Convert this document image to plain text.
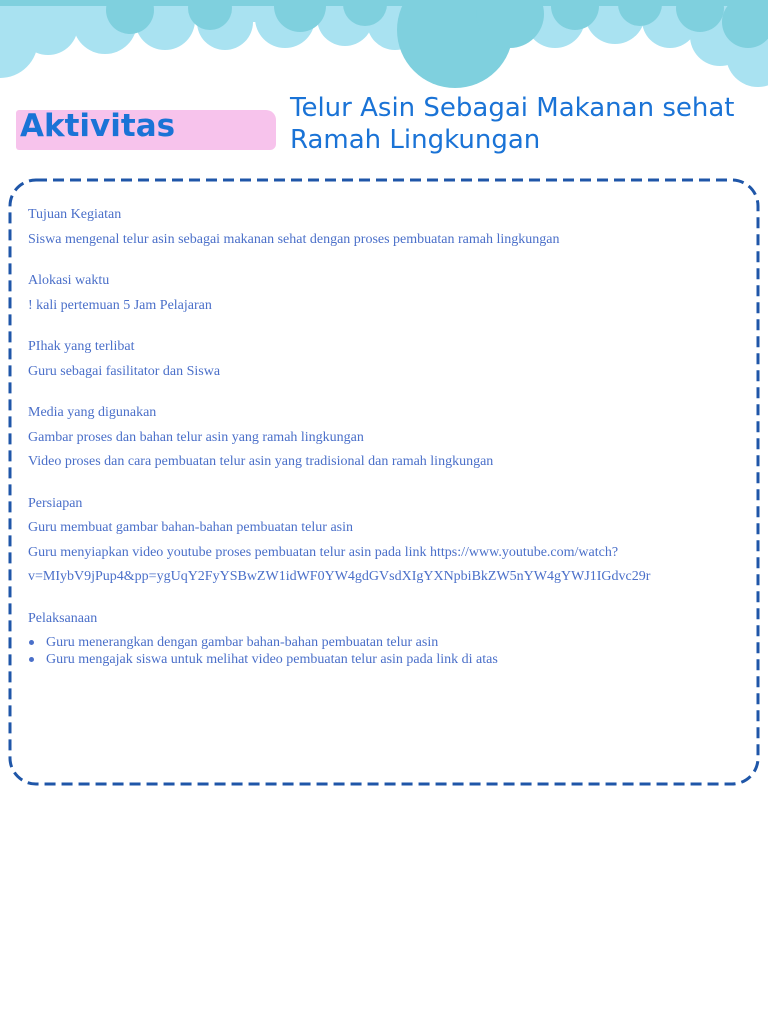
Aktivitas	Telur Asin Sebagai Makanan sehat Ramah Lingkungan

Tujuan Kegiatan

Siswa mengenal telur asin sebagai makanan sehat dengan proses pembuatan ramah lingkungan

Alokasi waktu

! kali pertemuan 5 Jam Pelajaran

PIhak yang terlibat

Guru sebagai fasilitator dan Siswa

Media yang digunakan

Gambar proses dan bahan telur asin yang ramah lingkungan

Video proses dan cara pembuatan telur asin yang tradisional dan ramah lingkungan

Persiapan

Guru membuat gambar bahan-bahan pembuatan telur asin

Guru menyiapkan video youtube proses pembuatan telur asin pada link https://www.youtube.com/watch?

v=MIybV9jPup4&pp=ygUqY2FyYSBwZW1idWF0YW4gdGVsdXIgYXNpbiBkZW5nYW4gYWJ1IGdvc29r

Pelaksanaan

Guru menerangkan dengan gambar bahan-bahan pembuatan telur asin
Guru mengajak siswa untuk melihat video pembuatan telur asin pada link di atas
